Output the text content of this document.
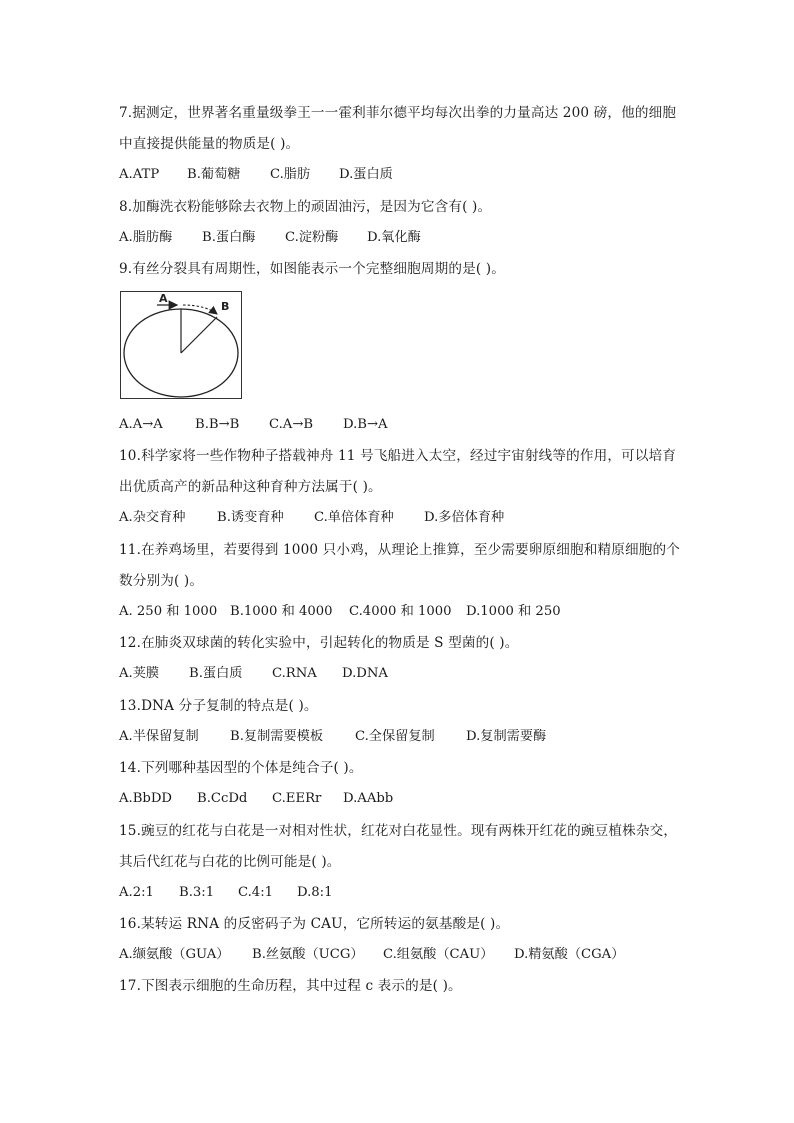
7.据测定，世界著名重量级拳王一一霍利菲尔德平均每次出拳的力量高达 200 磅，他的细胞
中直接提供能量的物质是( )。
A.ATP B.葡萄糖 C.脂肪 D.蛋白质
8.加酶洗衣粉能够除去衣物上的顽固油污，是因为它含有( )。
A.脂肪酶 B.蛋白酶 C.淀粉酶 D.氧化酶
9.有丝分裂具有周期性，如图能表示一个完整细胞周期的是( )。
A
B
A.A→A B.B→B C.A→B D.B→A
10.科学家将一些作物种子搭载神舟 11 号飞船进入太空，经过宇宙射线等的作用，可以培育
出优质高产的新品种这种育种方法属于( )。
A.杂交育种 B.诱变育种 C.单倍体育种 D.多倍体育种
11.在养鸡场里，若要得到 1000 只小鸡，从理论上推算，至少需要卵原细胞和精原细胞的个
数分别为( )。
A. 250 和 1000 B.1000 和 4000 C.4000 和 1000 D.1000 和 250
12.在肺炎双球菌的转化实验中，引起转化的物质是 S 型菌的( )。
A.荚膜 B.蛋白质 C.RNA D.DNA
13.DNA 分子复制的特点是( )。
A.半保留复制 B.复制需要模板 C.全保留复制 D.复制需要酶
14.下列哪种基因型的个体是纯合子( )。
A.BbDD B.CcDd C.EERr D.AAbb
15.豌豆的红花与白花是一对相对性状，红花对白花显性。现有两株开红花的豌豆植株杂交，
其后代红花与白花的比例可能是( )。
A.2:1 B.3:1 C.4:1 D.8:1
16.某转运 RNA 的反密码子为 CAU，它所转运的氨基酸是( )。
A.缬氨酸（GUA） B.丝氨酸（UCG） C.组氨酸（CAU） D.精氨酸（CGA）
17.下图表示细胞的生命历程，其中过程 c 表示的是( )。
